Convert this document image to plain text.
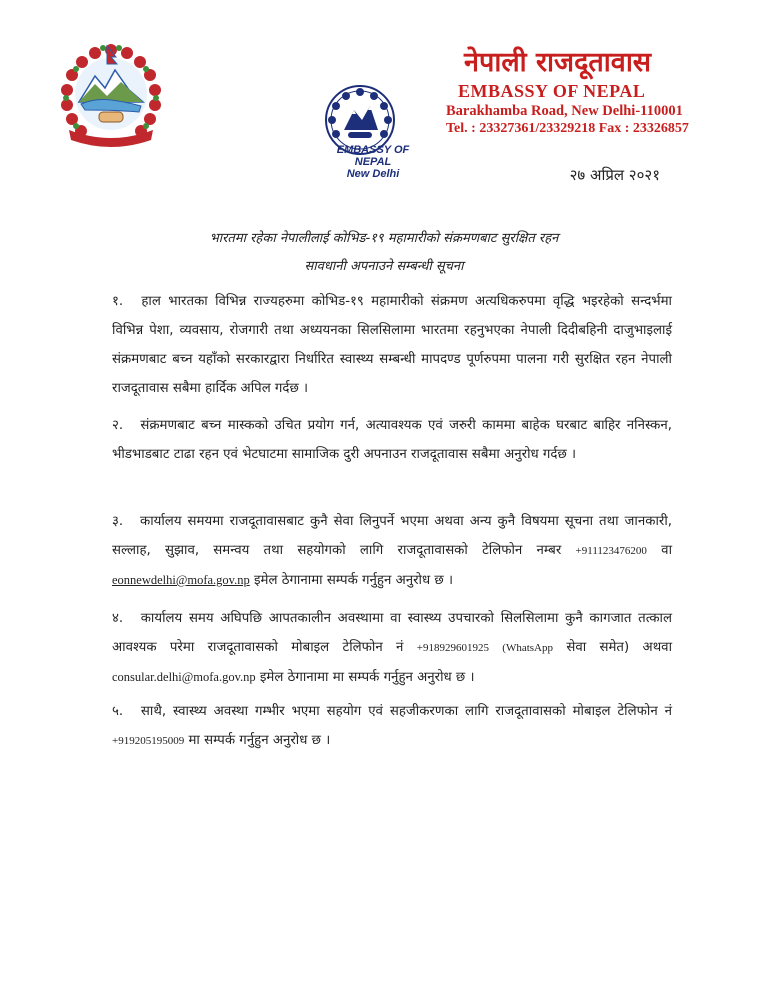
EMBASSY OF NEPAL
New Delhi
नेपाली राजदूतावास
EMBASSY OF NEPAL
Barakhamba Road, New Delhi-110001
Tel. : 23327361/23329218 Fax : 23326857
२७ अप्रिल २०२१
भारतमा रहेका नेपालीलाई कोभिड-१९ महामारीको संक्रमणबाट सुरक्षित रहन
सावधानी अपनाउने सम्बन्धी सूचना
१. हाल भारतका विभिन्न राज्यहरुमा कोभिड-१९ महामारीको संक्रमण अत्यधिकरुपमा वृद्धि भइरहेको सन्दर्भमा विभिन्न पेशा, व्यवसाय, रोजगारी तथा अध्ययनका सिलसिलामा भारतमा रहनुभएका नेपाली दिदीबहिनी दाजुभाइलाई संक्रमणबाट बच्न यहाँको सरकारद्वारा निर्धारित स्वास्थ्य सम्बन्धी मापदण्ड पूर्णरुपमा पालना गरी सुरक्षित रहन नेपाली राजदूतावास सबैमा हार्दिक अपिल गर्दछ ।
२. संक्रमणबाट बच्न मास्कको उचित प्रयोग गर्न, अत्यावश्यक एवं जरुरी काममा बाहेक घरबाट बाहिर ननिस्कन, भीडभाडबाट टाढा रहन एवं भेटघाटमा सामाजिक दुरी अपनाउन राजदूतावास सबैमा अनुरोध गर्दछ ।
३. कार्यालय समयमा राजदूतावासबाट कुनै सेवा लिनुपर्ने भएमा अथवा अन्य कुनै विषयमा सूचना तथा जानकारी, सल्लाह, सुझाव, समन्वय तथा सहयोगको लागि राजदूतावासको टेलिफोन नम्बर +911123476200 वा eonnewdelhi@mofa.gov.np इमेल ठेगानामा सम्पर्क गर्नुहुन अनुरोध छ ।
४. कार्यालय समय अघिपछि आपतकालीन अवस्थामा वा स्वास्थ्य उपचारको सिलसिलामा कुनै कागजात तत्काल आवश्यक परेमा राजदूतावासको मोबाइल टेलिफोन नं +918929601925 (WhatsApp सेवा समेत) अथवा consular.delhi@mofa.gov.np इमेल ठेगानामा मा सम्पर्क गर्नुहुन अनुरोध छ ।
५. साथै, स्वास्थ्य अवस्था गम्भीर भएमा सहयोग एवं सहजीकरणका लागि राजदूतावासको मोबाइल टेलिफोन नं +919205195009 मा सम्पर्क गर्नुहुन अनुरोध छ ।
